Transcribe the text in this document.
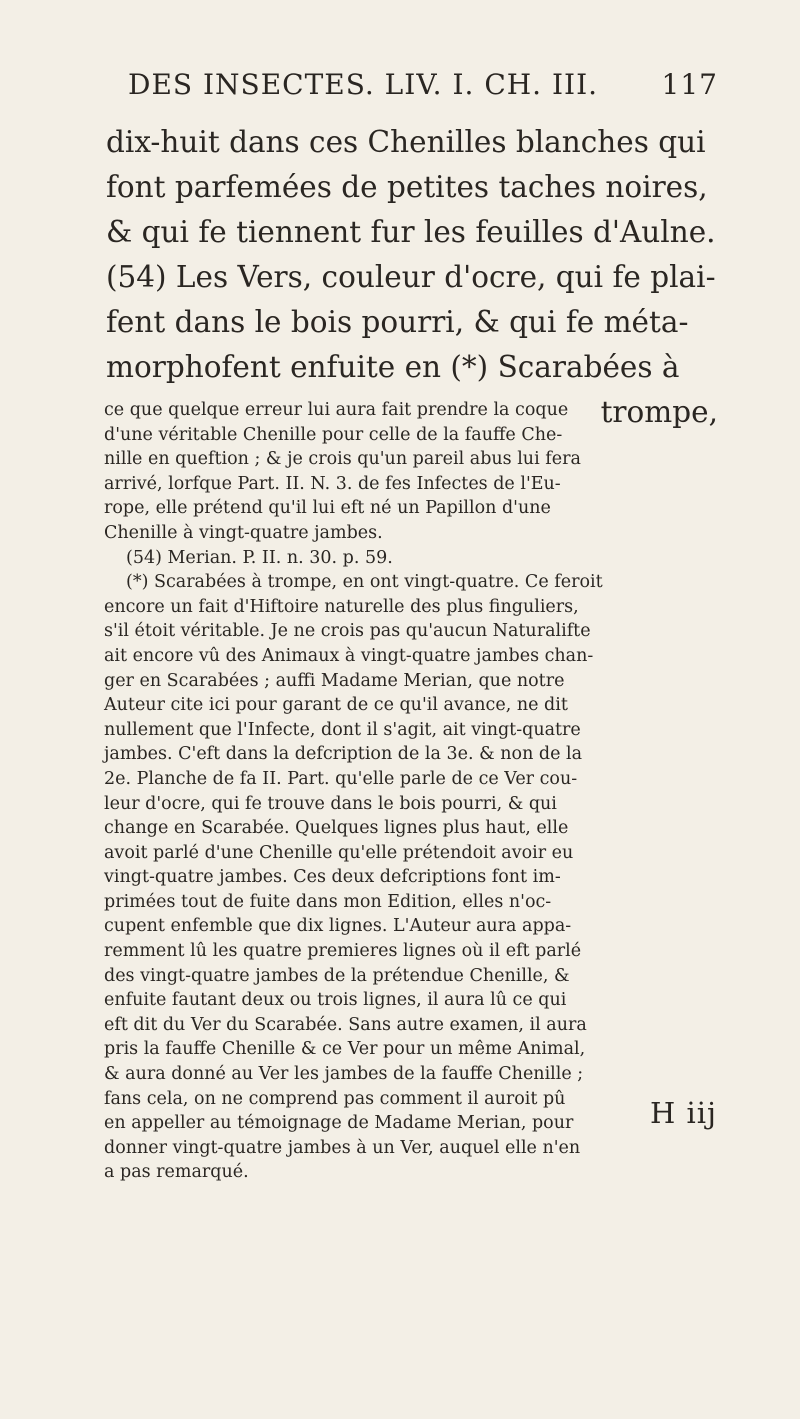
DES INSECTES. LIV. I. CH. III. 117
dix-huit dans ces Chenilles blanches qui
font parfemées de petites taches noires,
& qui fe tiennent fur les feuilles d'Aulne.
(54) Les Vers, couleur d'ocre, qui fe plai-
fent dans le bois pourri, & qui fe méta-
morphofent enfuite en (*) Scarabées à
trompe,
ce que quelque erreur lui aura fait prendre la coque
d'une véritable Chenille pour celle de la fauffe Che-
nille en queftion ; & je crois qu'un pareil abus lui fera
arrivé, lorfque Part. II. N. 3. de fes Infectes de l'Eu-
rope, elle prétend qu'il lui eft né un Papillon d'une
Chenille à vingt-quatre jambes.
(54) Merian. P. II. n. 30. p. 59.
(*) Scarabées à trompe, en ont vingt-quatre. Ce feroit
encore un fait d'Hiftoire naturelle des plus finguliers,
s'il étoit véritable. Je ne crois pas qu'aucun Naturalifte
ait encore vû des Animaux à vingt-quatre jambes chan-
ger en Scarabées ; auffi Madame Merian, que notre
Auteur cite ici pour garant de ce qu'il avance, ne dit
nullement que l'Infecte, dont il s'agit, ait vingt-quatre
jambes. C'eft dans la defcription de la 3e. & non de la
2e. Planche de fa II. Part. qu'elle parle de ce Ver cou-
leur d'ocre, qui fe trouve dans le bois pourri, & qui
change en Scarabée. Quelques lignes plus haut, elle
avoit parlé d'une Chenille qu'elle prétendoit avoir eu
vingt-quatre jambes. Ces deux defcriptions font im-
primées tout de fuite dans mon Edition, elles n'oc-
cupent enfemble que dix lignes. L'Auteur aura appa-
remment lû les quatre premieres lignes où il eft parlé
des vingt-quatre jambes de la prétendue Chenille, &
enfuite fautant deux ou trois lignes, il aura lû ce qui
eft dit du Ver du Scarabée. Sans autre examen, il aura
pris la fauffe Chenille & ce Ver pour un même Animal,
& aura donné au Ver les jambes de la fauffe Chenille ;
fans cela, on ne comprend pas comment il auroit pû
en appeller au témoignage de Madame Merian, pour
donner vingt-quatre jambes à un Ver, auquel elle n'en
a pas remarqué.
H iij
